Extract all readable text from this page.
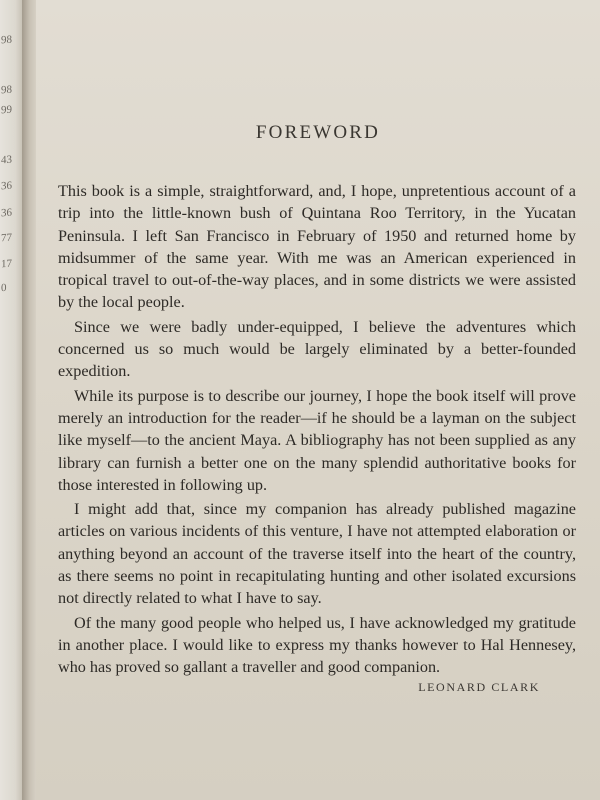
98
98
99
43
36
36
77
17
0
FOREWORD

This book is a simple, straightforward, and, I hope, unpretentious account of a trip into the little-known bush of Quintana Roo Territory, in the Yucatan Peninsula. I left San Francisco in February of 1950 and returned home by midsummer of the same year. With me was an American experienced in tropical travel to out-of-the-way places, and in some districts we were assisted by the local people.

Since we were badly under-equipped, I believe the adventures which concerned us so much would be largely eliminated by a better-founded expedition.

While its purpose is to describe our journey, I hope the book itself will prove merely an introduction for the reader—if he should be a layman on the subject like myself—to the ancient Maya. A bibliography has not been supplied as any library can furnish a better one on the many splendid authoritative books for those interested in following up.

I might add that, since my companion has already published magazine articles on various incidents of this venture, I have not attempted elaboration or anything beyond an account of the traverse itself into the heart of the country, as there seems no point in recapitulating hunting and other isolated excursions not directly related to what I have to say.

Of the many good people who helped us, I have acknowledged my gratitude in another place. I would like to express my thanks however to Hal Hennesey, who has proved so gallant a traveller and good companion.

LEONARD CLARK
